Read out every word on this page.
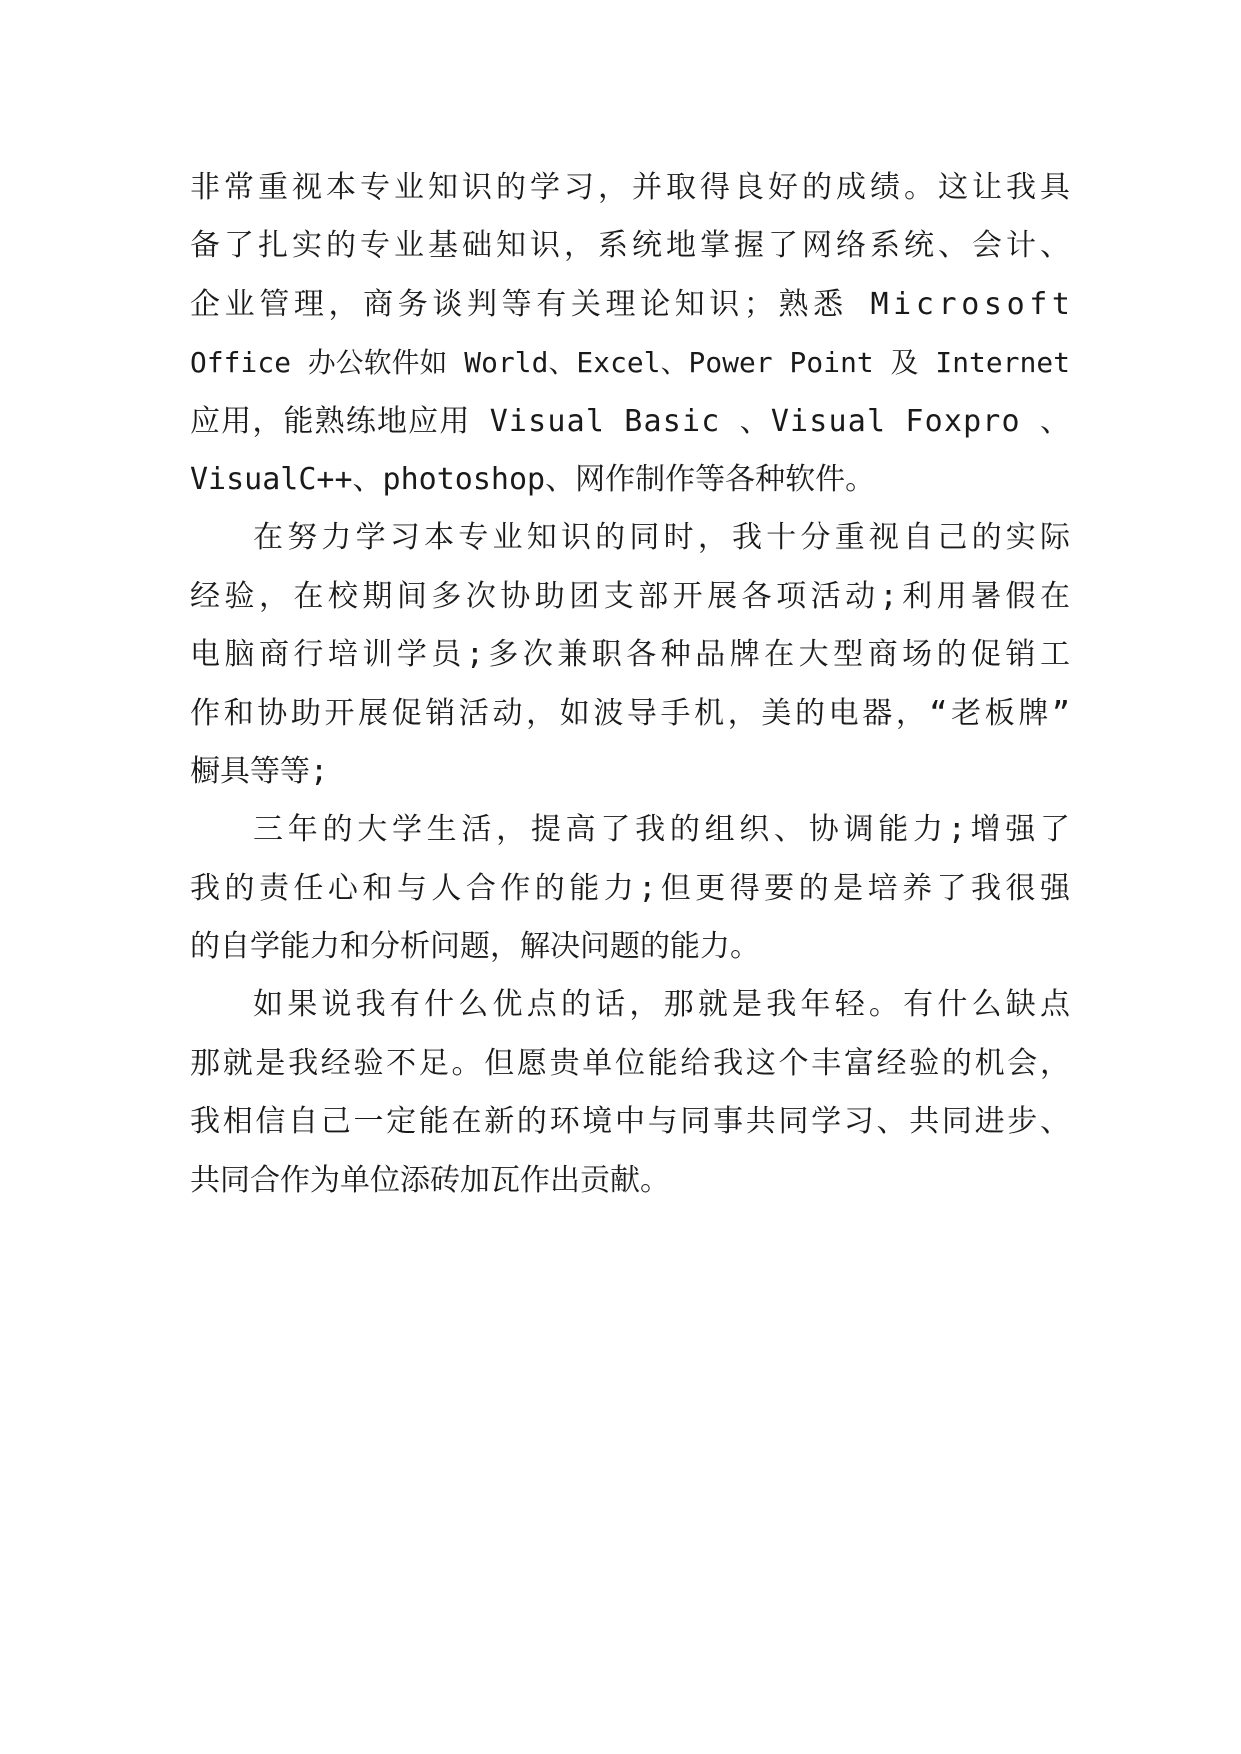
非常重视本专业知识的学习，并取得良好的成绩。这让我具
备了扎实的专业基础知识，系统地掌握了网络系统、会计、
企业管理，商务谈判等有关理论知识；熟悉 Microsoft
Office 办公软件如 World、Excel、Power Point 及 Internet
应用，能熟练地应用 Visual Basic 、Visual Foxpro 、
VisualC++、photoshop、网作制作等各种软件。
在努力学习本专业知识的同时，我十分重视自己的实际
经验，在校期间多次协助团支部开展各项活动;利用暑假在
电脑商行培训学员;多次兼职各种品牌在大型商场的促销工
作和协助开展促销活动，如波导手机，美的电器，“老板牌”
橱具等等;
三年的大学生活，提高了我的组织、协调能力;增强了
我的责任心和与人合作的能力;但更得要的是培养了我很强
的自学能力和分析问题，解决问题的能力。
如果说我有什么优点的话，那就是我年轻。有什么缺点
那就是我经验不足。但愿贵单位能给我这个丰富经验的机会，
我相信自己一定能在新的环境中与同事共同学习、共同进步、
共同合作为单位添砖加瓦作出贡献。
